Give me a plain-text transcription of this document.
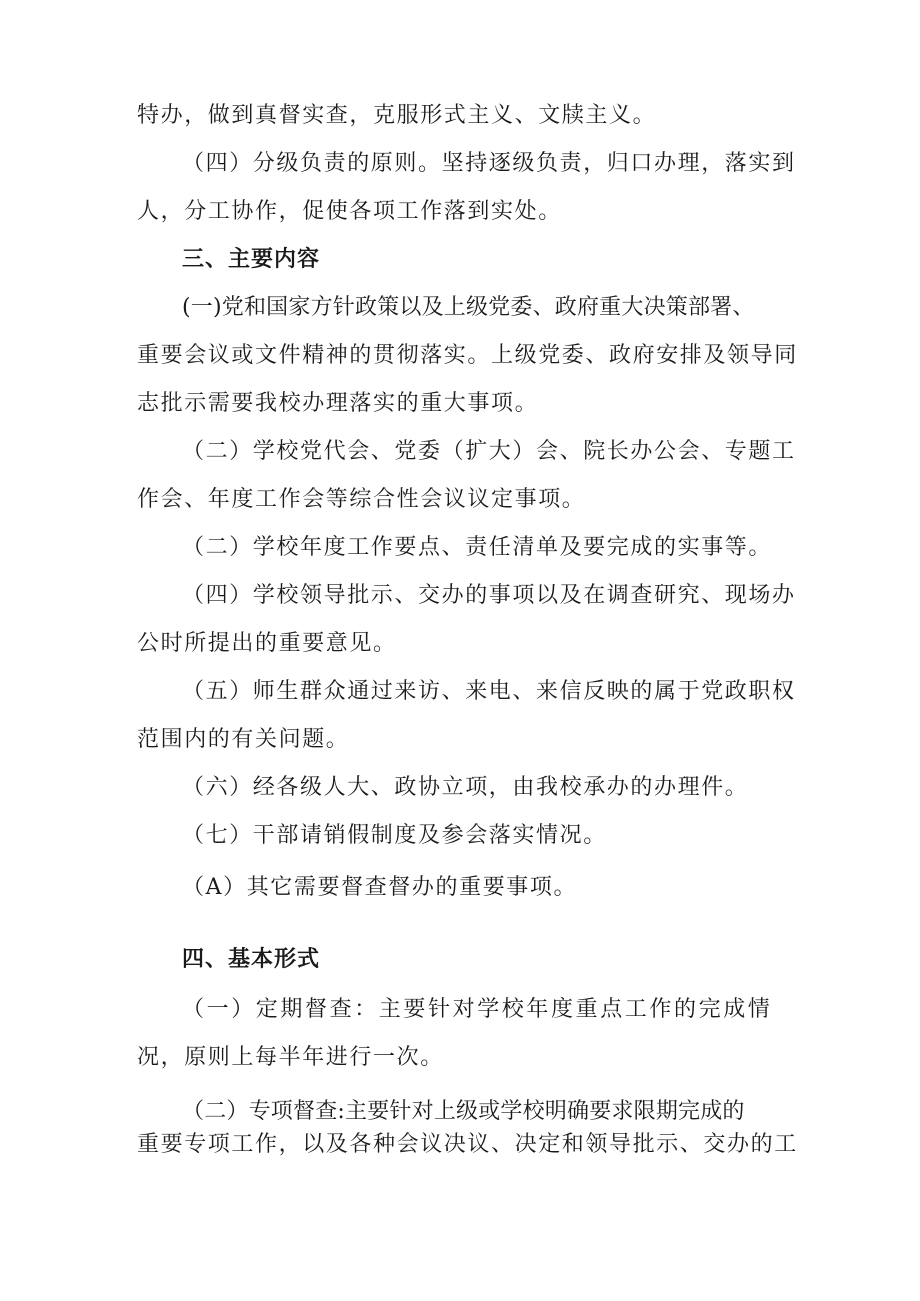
特办，做到真督实查，克服形式主义、文牍主义。
（四）分级负责的原则。坚持逐级负责，归口办理，落实到
人，分工协作，促使各项工作落到实处。
三、主要内容
(一)党和国家方针政策以及上级党委、政府重大决策部署、
重要会议或文件精神的贯彻落实。上级党委、政府安排及领导同
志批示需要我校办理落实的重大事项。
（二）学校党代会、党委（扩大）会、院长办公会、专题工
作会、年度工作会等综合性会议议定事项。
（二）学校年度工作要点、责任清单及要完成的实事等。
（四）学校领导批示、交办的事项以及在调查研究、现场办
公时所提出的重要意见。
（五）师生群众通过来访、来电、来信反映的属于党政职权
范围内的有关问题。
（六）经各级人大、政协立项，由我校承办的办理件。
（七）干部请销假制度及参会落实情况。
（A）其它需要督查督办的重要事项。
四、基本形式
（一）定期督查：主要针对学校年度重点工作的完成情
况，原则上每半年进行一次。
（二）专项督查:主要针对上级或学校明确要求限期完成的
重要专项工作，以及各种会议决议、决定和领导批示、交办的工
